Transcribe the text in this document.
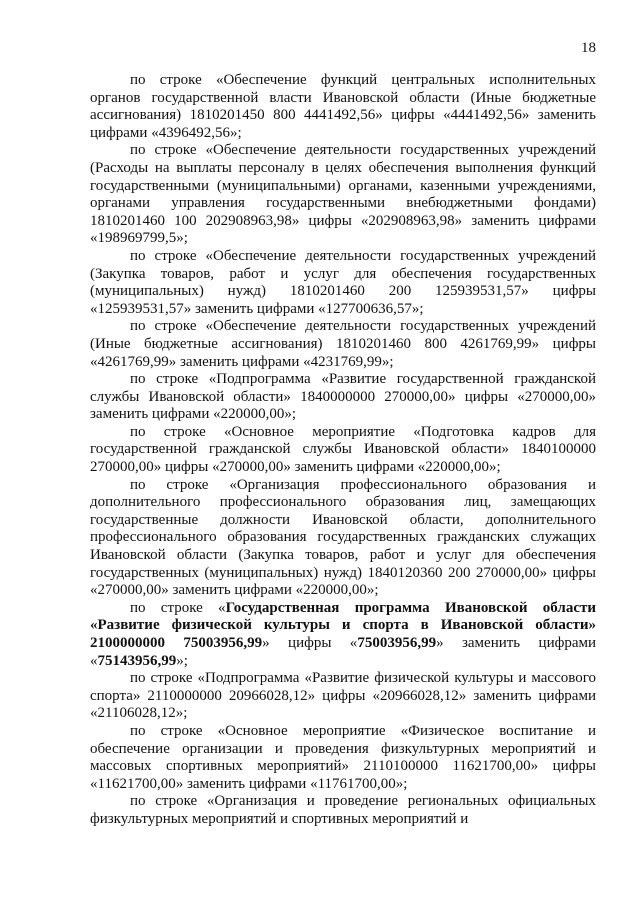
18

по строке «Обеспечение функций центральных исполнительных органов государственной власти Ивановской области (Иные бюджетные ассигнования) 1810201450 800 4441492,56» цифры «4441492,56» заменить цифрами «4396492,56»;

по строке «Обеспечение деятельности государственных учреждений (Расходы на выплаты персоналу в целях обеспечения выполнения функций государственными (муниципальными) органами, казенными учреждениями, органами управления государственными внебюджетными фондами) 1810201460 100 202908963,98» цифры «202908963,98» заменить цифрами «198969799,5»;

по строке «Обеспечение деятельности государственных учреждений (Закупка товаров, работ и услуг для обеспечения государственных (муниципальных) нужд) 1810201460 200 125939531,57» цифры «125939531,57» заменить цифрами «127700636,57»;

по строке «Обеспечение деятельности государственных учреждений (Иные бюджетные ассигнования) 1810201460 800 4261769,99» цифры «4261769,99» заменить цифрами «4231769,99»;

по строке «Подпрограмма «Развитие государственной гражданской службы Ивановской области» 1840000000 270000,00» цифры «270000,00» заменить цифрами «220000,00»;

по строке «Основное мероприятие «Подготовка кадров для государственной гражданской службы Ивановской области» 1840100000 270000,00» цифры «270000,00» заменить цифрами «220000,00»;

по строке «Организация профессионального образования и дополнительного профессионального образования лиц, замещающих государственные должности Ивановской области, дополнительного профессионального образования государственных гражданских служащих Ивановской области (Закупка товаров, работ и услуг для обеспечения государственных (муниципальных) нужд) 1840120360 200 270000,00» цифры «270000,00» заменить цифрами «220000,00»;

по строке «Государственная программа Ивановской области «Развитие физической культуры и спорта в Ивановской области» 2100000000 75003956,99» цифры «75003956,99» заменить цифрами «75143956,99»;

по строке «Подпрограмма «Развитие физической культуры и массового спорта» 2110000000 20966028,12» цифры «20966028,12» заменить цифрами «21106028,12»;

по строке «Основное мероприятие «Физическое воспитание и обеспечение организации и проведения физкультурных мероприятий и массовых спортивных мероприятий» 2110100000 11621700,00» цифры «11621700,00» заменить цифрами «11761700,00»;

по строке «Организация и проведение региональных официальных физкультурных мероприятий и спортивных мероприятий и
